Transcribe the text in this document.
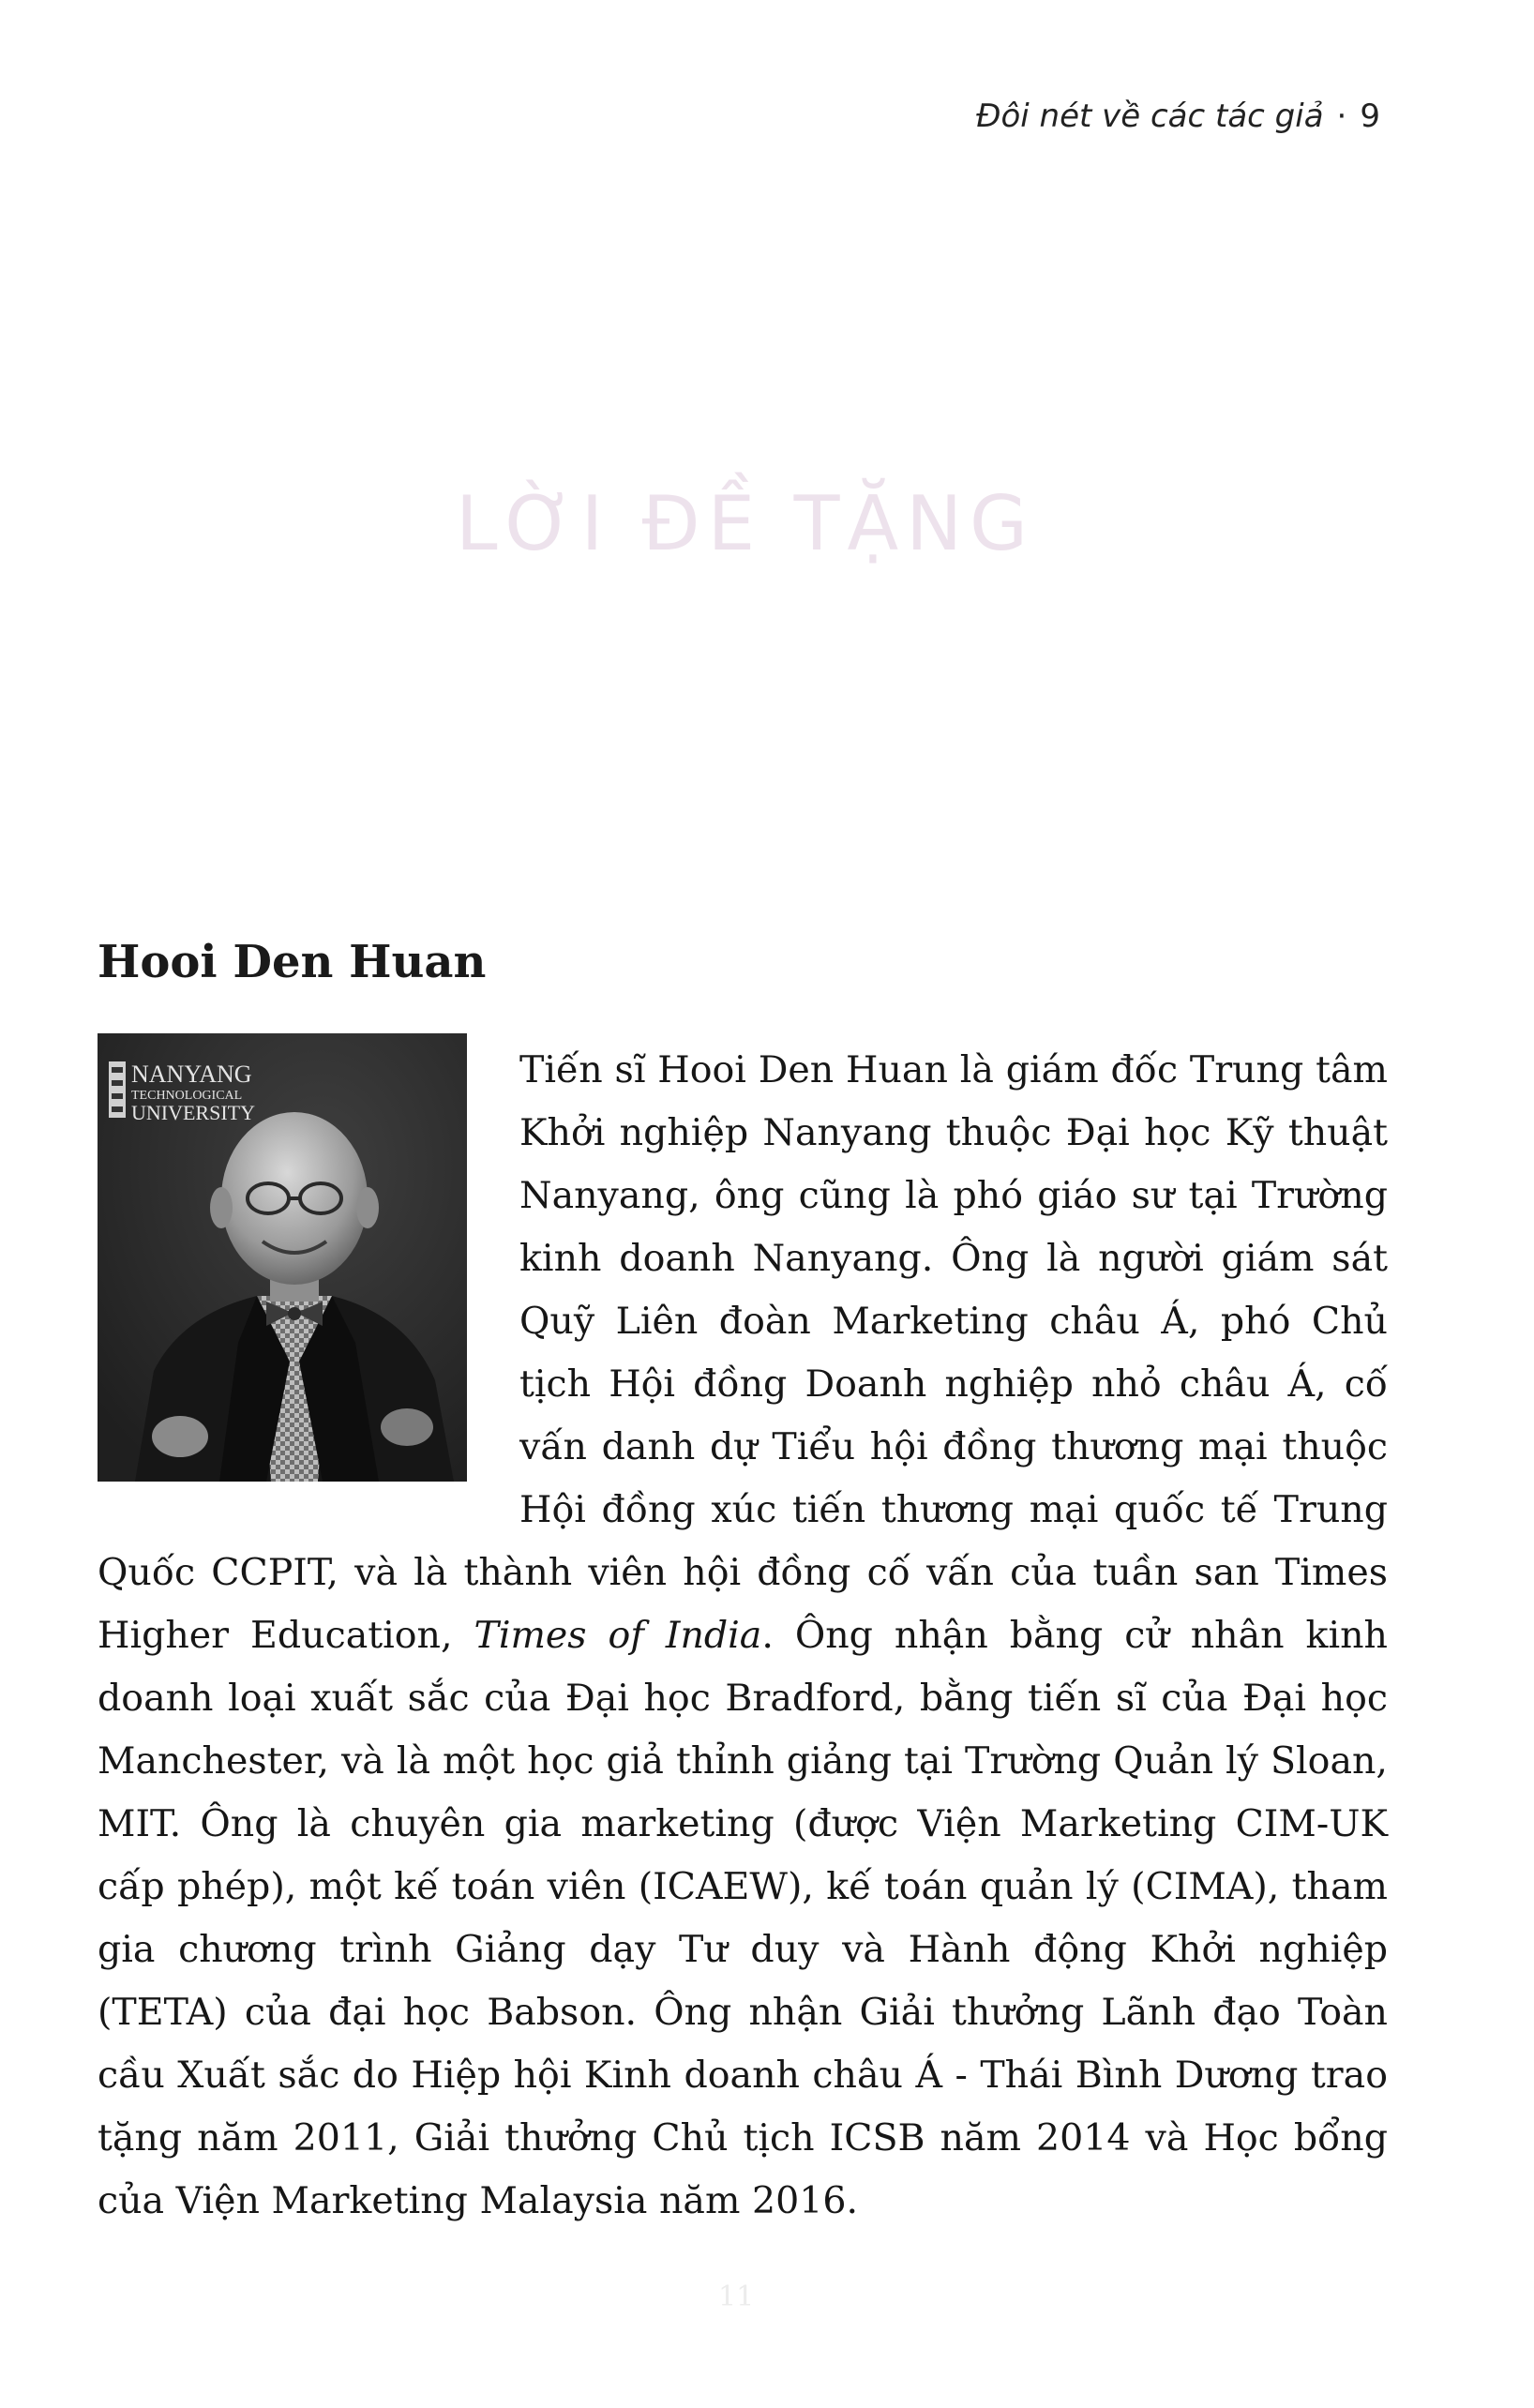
Đôi nét về các tác giả · 9
LỜI ĐỀ TẶNG
11
Hooi Den Huan
NANYANG
TECHNOLOGICAL
UNIVERSITY

Tiến sĩ Hooi Den Huan là giám đốc Trung tâm Khởi nghiệp Nanyang thuộc Đại học Kỹ thuật Nanyang, ông cũng là phó giáo sư tại Trường kinh doanh Nanyang. Ông là người giám sát Quỹ Liên đoàn Marketing châu Á, phó Chủ tịch Hội đồng Doanh nghiệp nhỏ châu Á, cố vấn danh dự Tiểu hội đồng thương mại thuộc Hội đồng xúc tiến thương mại quốc tế Trung Quốc CCPIT, và là thành viên hội đồng cố vấn của tuần san Times Higher Education, Times of India. Ông nhận bằng cử nhân kinh doanh loại xuất sắc của Đại học Bradford, bằng tiến sĩ của Đại học Manchester, và là một học giả thỉnh giảng tại Trường Quản lý Sloan, MIT. Ông là chuyên gia marketing (được Viện Marketing CIM-UK cấp phép), một kế toán viên (ICAEW), kế toán quản lý (CIMA), tham gia chương trình Giảng dạy Tư duy và Hành động Khởi nghiệp (TETA) của đại học Babson. Ông nhận Giải thưởng Lãnh đạo Toàn cầu Xuất sắc do Hiệp hội Kinh doanh châu Á - Thái Bình Dương trao tặng năm 2011, Giải thưởng Chủ tịch ICSB năm 2014 và Học bổng của Viện Marketing Malaysia năm 2016.
